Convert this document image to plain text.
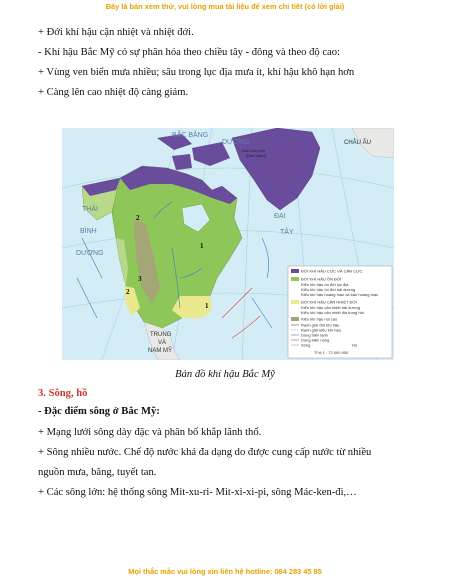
Đây là bản xem thử, vui lòng mua tài liệu để xem chi tiết (có lời giải)
+ Đới khí hậu cận nhiệt và nhiệt đới.
- Khí hậu Bắc Mỹ có sự phân hóa theo chiều tây - đông và theo độ cao:
+ Vùng ven biển mưa nhiều; sâu trong lục địa mưa ít, khí hậu khô hạn hơn
+ Càng lên cao nhiệt độ càng giảm.
BẮC BĂNG
DƯƠNG
Đảo Grơn-len
(Đan Mạch)
CHÂU ÂU
THÁI
BÌNH
DƯƠNG
ĐẠI
TÂY
TRUNG
VÀ
NAM MỸ
1
2
3
1
2
ĐỚI KHÍ HẬU CỰC VÀ CẬN CỰC
ĐỚI KHÍ HẬU ÔN ĐỚI
Kiểu khí hậu ôn đới lục địa
Kiểu khí hậu ôn đới hải dương
Kiểu khí hậu hoang mạc và bán hoang mạc
ĐỚI KHÍ HẬU CẬN NHIỆT ĐỚI
Kiểu khí hậu cận nhiệt hải dương
Kiểu khí hậu cận nhiệt địa trung hải
Kiểu khí hậu núi cao
Ranh giới đới khí hậu
Ranh giới kiểu khí hậu
Dòng biển lạnh
Dòng biển nóng
Sông	Hồ
Tỉ lệ 1 : 72 000 000
Bản đồ khí hậu Bắc Mỹ
3. Sông, hồ
- Đặc điểm sông ở Bắc Mỹ:
+ Mạng lưới sông dày đặc và phân bố khắp lãnh thổ.
+ Sông nhiều nước. Chế độ nước khá đa dạng do được cung cấp nước từ nhiều
nguồn mưa, băng, tuyết tan.
+ Các sông lớn: hệ thống sông Mit-xu-ri- Mit-xi-xi-pi, sông Mác-ken-đi,…
Mọi thắc mắc vui lòng xin liên hệ hotline: 084 283 45 85
